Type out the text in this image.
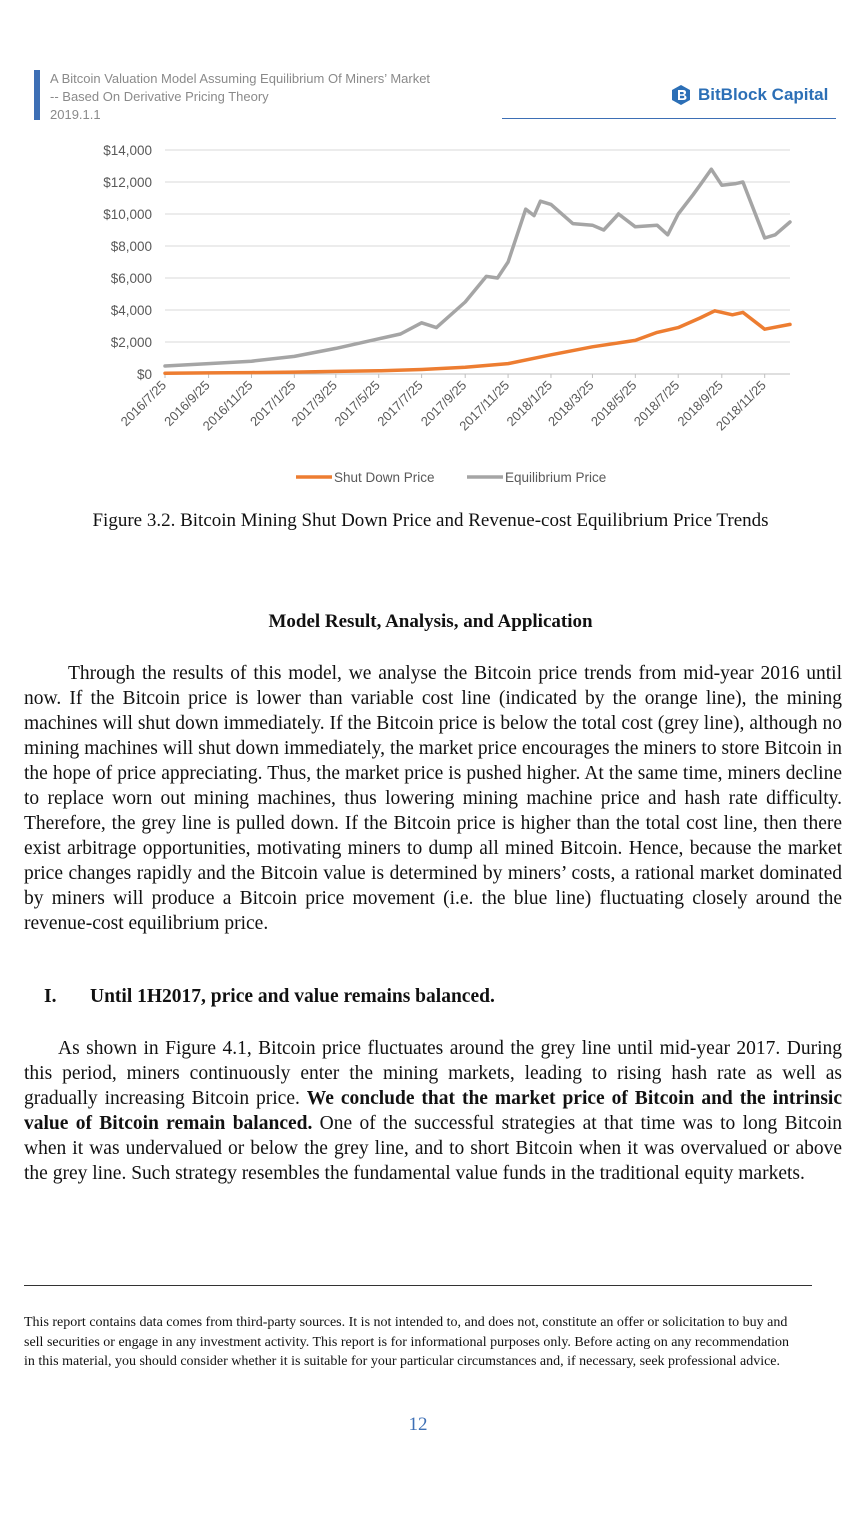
A Bitcoin Valuation Model Assuming Equilibrium Of Miners’ Market
-- Based On Derivative Pricing Theory
2019.1.1
BitBlock Capital
$0
$2,000
$4,000
$6,000
$8,000
$10,000
$12,000
$14,000
2016/7/25
2016/9/25
2016/11/25
2017/1/25
2017/3/25
2017/5/25
2017/7/25
2017/9/25
2017/11/25
2018/1/25
2018/3/25
2018/5/25
2018/7/25
2018/9/25
2018/11/25
Shut Down Price	Equilibrium Price
Figure 3.2. Bitcoin Mining Shut Down Price and Revenue-cost Equilibrium Price Trends
Model Result, Analysis, and Application

Through the results of this model, we analyse the Bitcoin price trends from mid-year 2016 until now. If the Bitcoin price is lower than variable cost line (indicated by the orange line), the mining machines will shut down immediately. If the Bitcoin price is below the total cost (grey line), although no mining machines will shut down immediately, the market price encourages the miners to store Bitcoin in the hope of price appreciating. Thus, the market price is pushed higher. At the same time, miners decline to replace worn out mining machines, thus lowering mining machine price and hash rate difficulty. Therefore, the grey line is pulled down. If the Bitcoin price is higher than the total cost line, then there exist arbitrage opportunities, motivating miners to dump all mined Bitcoin. Hence, because the market price changes rapidly and the Bitcoin value is determined by miners’ costs, a rational market dominated by miners will produce a Bitcoin price movement (i.e. the blue line) fluctuating closely around the revenue-cost equilibrium price.

I. Until 1H2017, price and value remains balanced.

As shown in Figure 4.1, Bitcoin price fluctuates around the grey line until mid-year 2017. During this period, miners continuously enter the mining markets, leading to rising hash rate as well as gradually increasing Bitcoin price. We conclude that the market price of Bitcoin and the intrinsic value of Bitcoin remain balanced. One of the successful strategies at that time was to long Bitcoin when it was undervalued or below the grey line, and to short Bitcoin when it was overvalued or above the grey line. Such strategy resembles the fundamental value funds in the traditional equity markets.

This report contains data comes from third-party sources. It is not intended to, and does not, constitute an offer or solicitation to buy and sell securities or engage in any investment activity. This report is for informational purposes only. Before acting on any recommendation in this material, you should consider whether it is suitable for your particular circumstances and, if necessary, seek professional advice.

12
